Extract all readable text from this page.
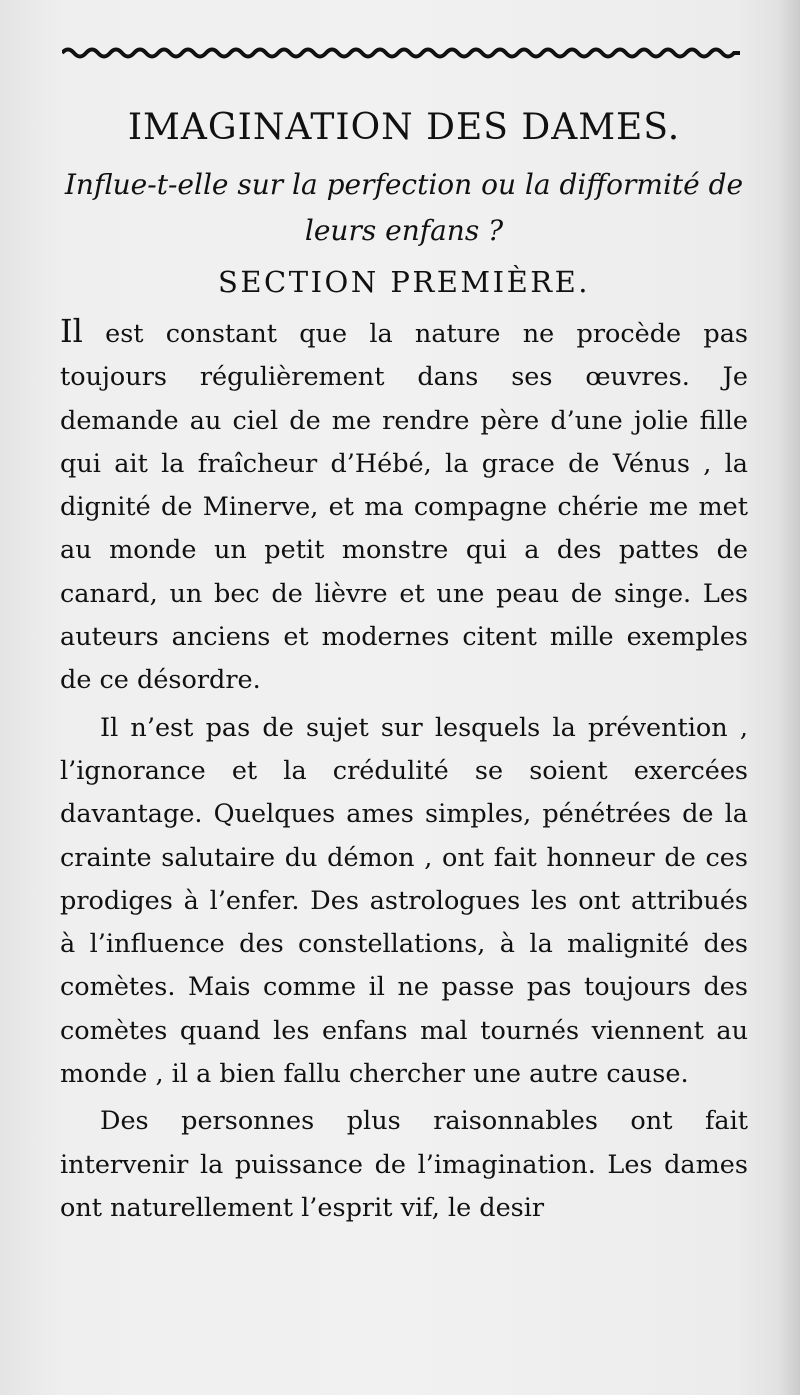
IMAGINATION DES DAMES.

Influe-t-elle sur la perfection ou la difformité de leurs enfans ?

SECTION PREMIÈRE.

Il est constant que la nature ne procède pas toujours régulièrement dans ses œuvres. Je demande au ciel de me rendre père d’une jolie fille qui ait la fraîcheur d’Hébé, la grace de Vénus , la dignité de Minerve, et ma compagne chérie me met au monde un petit monstre qui a des pattes de canard, un bec de lièvre et une peau de singe. Les auteurs anciens et modernes citent mille exemples de ce désordre.

Il n’est pas de sujet sur lesquels la prévention , l’ignorance et la crédulité se soient exercées davantage. Quelques ames simples, pénétrées de la crainte salutaire du démon , ont fait honneur de ces prodiges à l’enfer. Des astrologues les ont attribués à l’influence des constellations, à la malignité des comètes. Mais comme il ne passe pas toujours des comètes quand les enfans mal tournés viennent au monde , il a bien fallu chercher une autre cause.

Des personnes plus raisonnables ont fait intervenir la puissance de l’imagination. Les dames ont naturellement l’esprit vif, le desir
